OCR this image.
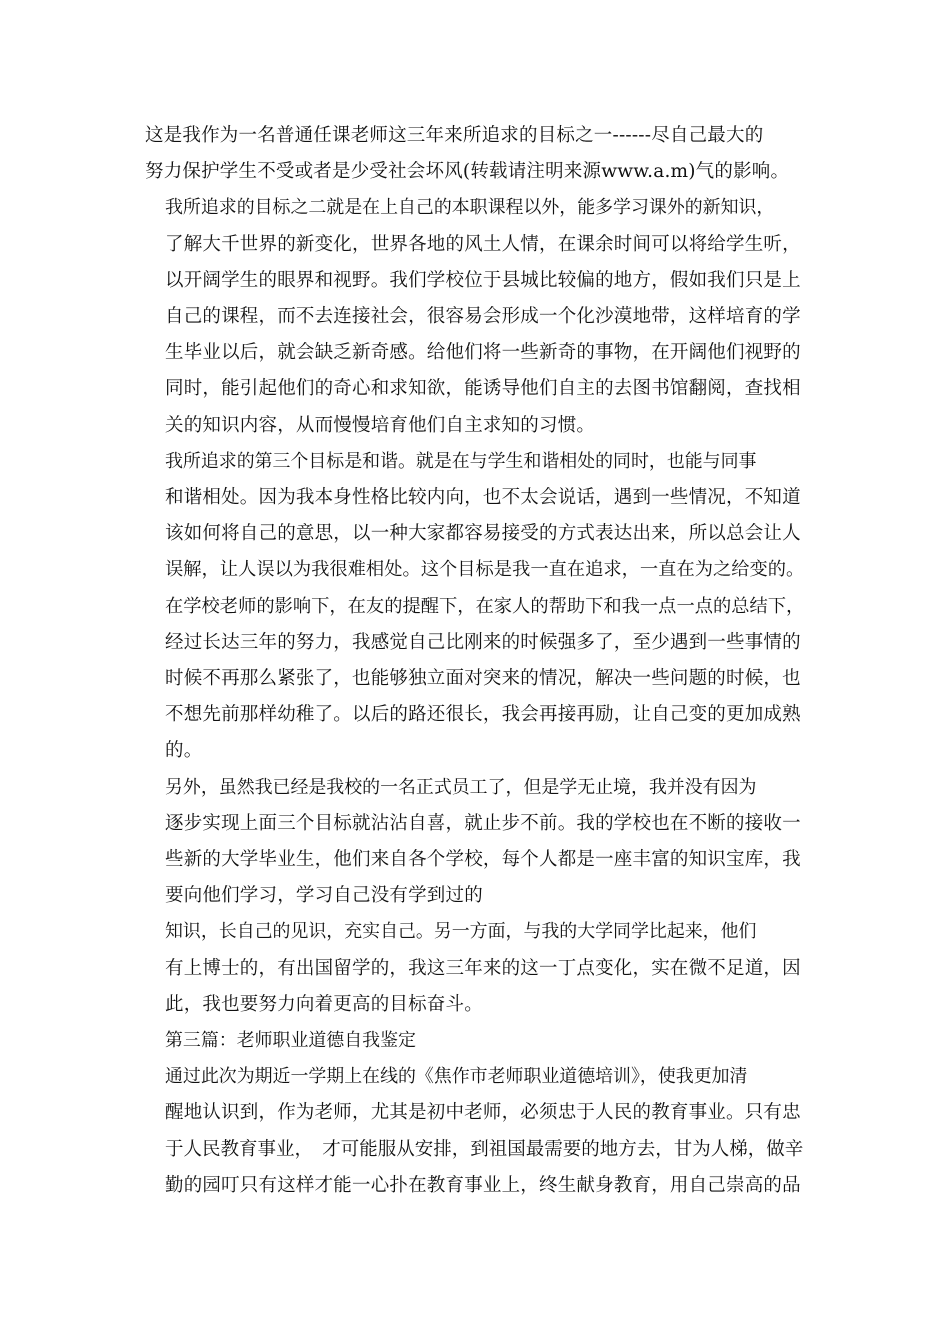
这是我作为一名普通任课老师这三年来所追求的目标之一------尽自己最大的
努力保护学生不受或者是少受社会坏风(转载请注明来源www.a.m)气的影响。
我所追求的目标之二就是在上自己的本职课程以外，能多学习课外的新知识，
了解大千世界的新变化，世界各地的风土人情，在课余时间可以将给学生听，
以开阔学生的眼界和视野。我们学校位于县城比较偏的地方，假如我们只是上
自己的课程，而不去连接社会，很容易会形成一个化沙漠地带，这样培育的学
生毕业以后，就会缺乏新奇感。给他们将一些新奇的事物，在开阔他们视野的
同时，能引起他们的奇心和求知欲，能诱导他们自主的去图书馆翻阅，查找相
关的知识内容，从而慢慢培育他们自主求知的习惯。
我所追求的第三个目标是和谐。就是在与学生和谐相处的同时，也能与同事
和谐相处。因为我本身性格比较内向，也不太会说话，遇到一些情况，不知道
该如何将自己的意思，以一种大家都容易接受的方式表达出来，所以总会让人
误解，让人误以为我很难相处。这个目标是我一直在追求，一直在为之给变的。
在学校老师的影响下，在友的提醒下，在家人的帮助下和我一点一点的总结下，
经过长达三年的努力，我感觉自己比刚来的时候强多了，至少遇到一些事情的
时候不再那么紧张了，也能够独立面对突来的情况，解决一些问题的时候，也
不想先前那样幼稚了。以后的路还很长，我会再接再励，让自己变的更加成熟
的。
另外，虽然我已经是我校的一名正式员工了，但是学无止境，我并没有因为
逐步实现上面三个目标就沾沾自喜，就止步不前。我的学校也在不断的接收一
些新的大学毕业生，他们来自各个学校，每个人都是一座丰富的知识宝库，我
要向他们学习，学习自己没有学到过的
知识，长自己的见识，充实自己。另一方面，与我的大学同学比起来，他们
有上博士的，有出国留学的，我这三年来的这一丁点变化，实在微不足道，因
此，我也要努力向着更高的目标奋斗。
第三篇：老师职业道德自我鉴定
通过此次为期近一学期上在线的《焦作市老师职业道德培训》，使我更加清
醒地认识到，作为老师，尤其是初中老师，必须忠于人民的教育事业。只有忠
于人民教育事业，　才可能服从安排，到祖国最需要的地方去，甘为人梯，做辛
勤的园叮只有这样才能一心扑在教育事业上，终生献身教育，用自己崇高的品
